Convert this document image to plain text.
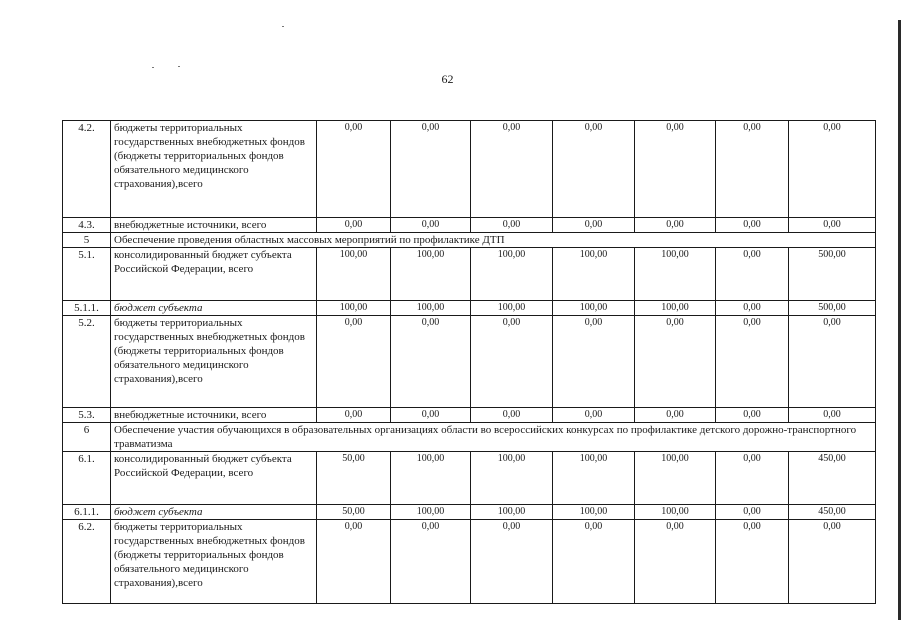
62
4.2.	бюджеты территориальных государственных внебюджетных фондов (бюджеты территориальных фондов обязательного медицинского страхования),всего	0,00	0,00	0,00	0,00	0,00	0,00	0,00
4.3.	внебюджетные источники, всего	0,00	0,00	0,00	0,00	0,00	0,00	0,00
5	Обеспечение проведения областных массовых мероприятий по профилактике ДТП							
5.1.	консолидированный бюджет субъекта Российской Федерации, всего	100,00	100,00	100,00	100,00	100,00	0,00	500,00
5.1.1.	бюджет субъекта	100,00	100,00	100,00	100,00	100,00	0,00	500,00
5.2.	бюджеты территориальных государственных внебюджетных фондов (бюджеты территориальных фондов обязательного медицинского страхования),всего	0,00	0,00	0,00	0,00	0,00	0,00	0,00
5.3.	внебюджетные источники, всего	0,00	0,00	0,00	0,00	0,00	0,00	0,00
6	Обеспечение участия обучающихся в образовательных организациях области во всероссийских конкурсах по профилактике детского дорожно-транспортного травматизма							
6.1.	консолидированный бюджет субъекта Российской Федерации, всего	50,00	100,00	100,00	100,00	100,00	0,00	450,00
6.1.1.	бюджет субъекта	50,00	100,00	100,00	100,00	100,00	0,00	450,00
6.2.	бюджеты территориальных государственных внебюджетных фондов (бюджеты территориальных фондов обязательного медицинского страхования),всего	0,00	0,00	0,00	0,00	0,00	0,00	0,00
